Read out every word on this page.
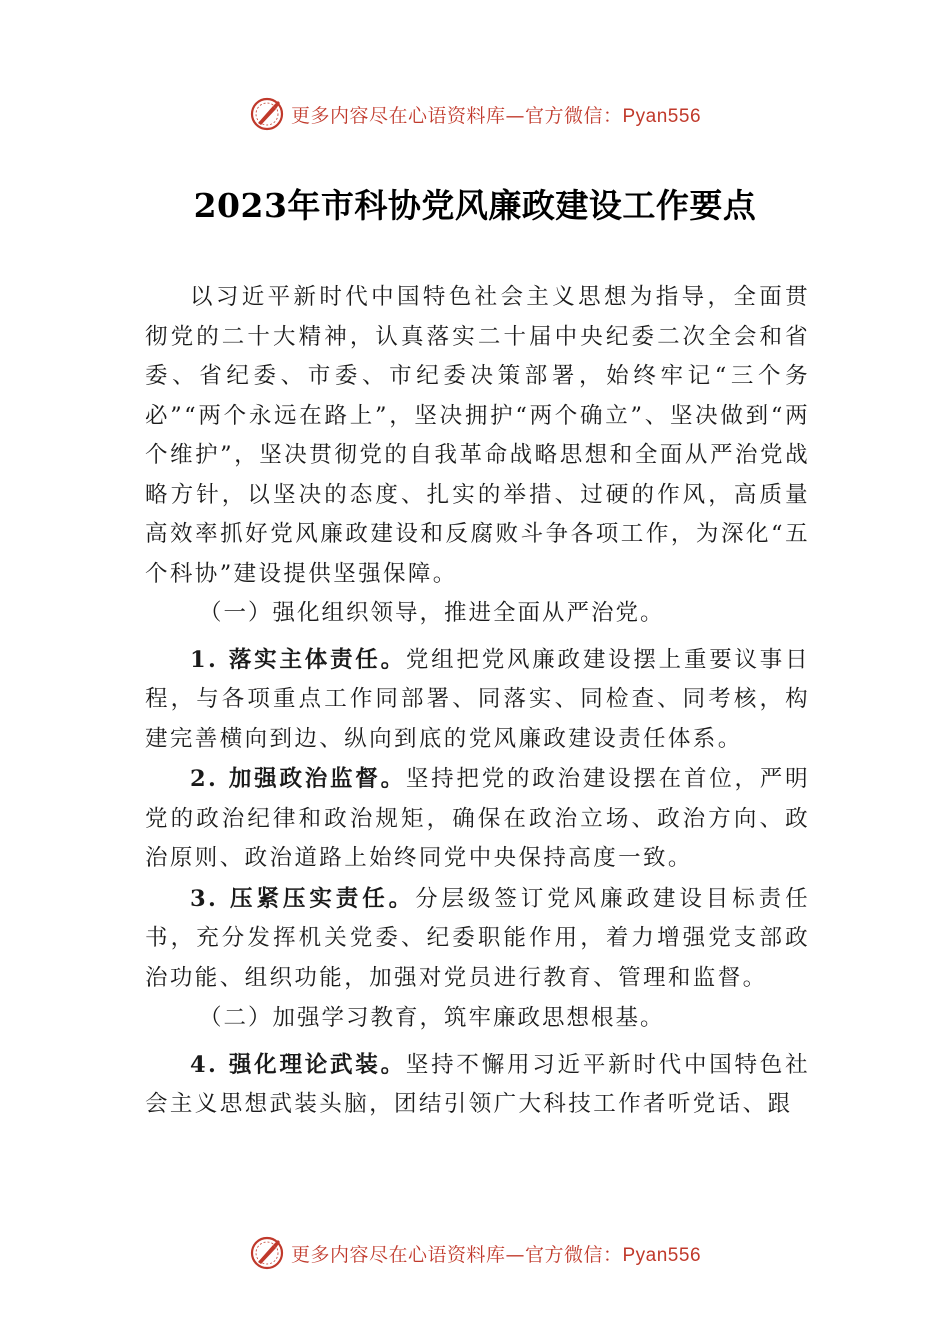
更多内容尽在心语资料库—官方微信：Pyan556
2023年市科协党风廉政建设工作要点

以习近平新时代中国特色社会主义思想为指导，全面贯彻党的二十大精神，认真落实二十届中央纪委二次全会和省委、省纪委、市委、市纪委决策部署，始终牢记“三个务必”“两个永远在路上”，坚决拥护“两个确立”、坚决做到“两个维护”，坚决贯彻党的自我革命战略思想和全面从严治党战略方针，以坚决的态度、扎实的举措、过硬的作风，高质量高效率抓好党风廉政建设和反腐败斗争各项工作，为深化“五个科协”建设提供坚强保障。

（一）强化组织领导，推进全面从严治党。

1. 落实主体责任。党组把党风廉政建设摆上重要议事日程，与各项重点工作同部署、同落实、同检查、同考核，构建完善横向到边、纵向到底的党风廉政建设责任体系。

2. 加强政治监督。坚持把党的政治建设摆在首位，严明党的政治纪律和政治规矩，确保在政治立场、政治方向、政治原则、政治道路上始终同党中央保持高度一致。

3. 压紧压实责任。分层级签订党风廉政建设目标责任书，充分发挥机关党委、纪委职能作用，着力增强党支部政治功能、组织功能，加强对党员进行教育、管理和监督。

（二）加强学习教育，筑牢廉政思想根基。

4. 强化理论武装。坚持不懈用习近平新时代中国特色社会主义思想武装头脑，团结引领广大科技工作者听党话、跟

更多内容尽在心语资料库—官方微信：Pyan556
